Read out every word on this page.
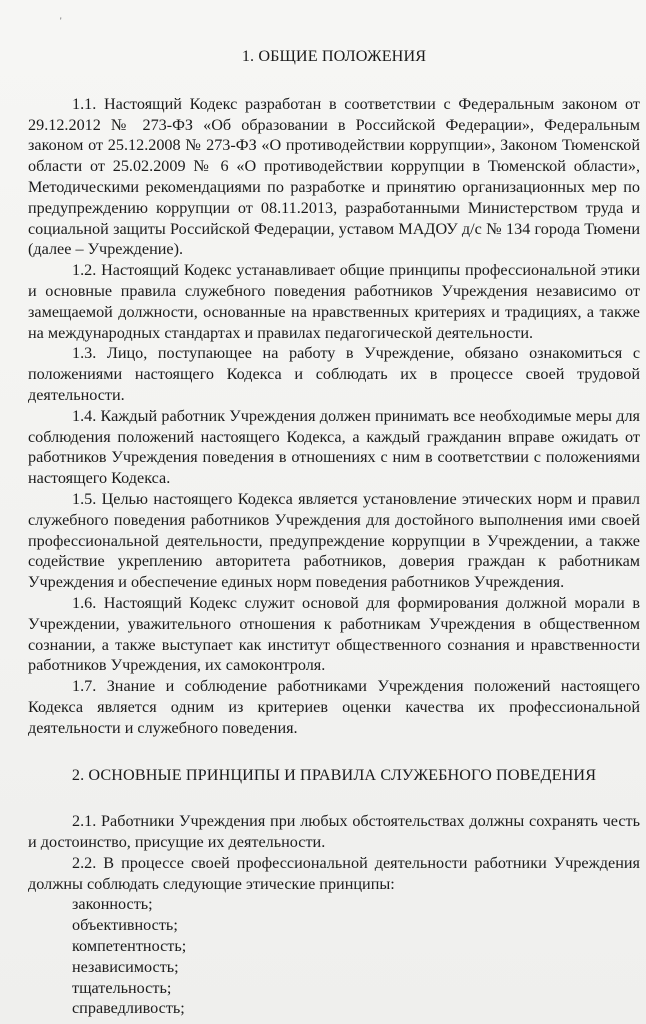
'
1. ОБЩИЕ ПОЛОЖЕНИЯ

1.1. Настоящий Кодекс разработан в соответствии с Федеральным законом от 29.12.2012 № 273-ФЗ «Об образовании в Российской Федерации», Федеральным законом от 25.12.2008 № 273-ФЗ «О противодействии коррупции», Законом Тюменской области от 25.02.2009 № 6 «О противодействии коррупции в Тюменской области», Методическими рекомендациями по разработке и принятию организационных мер по предупреждению коррупции от 08.11.2013, разработанными Министерством труда и социальной защиты Российской Федерации, уставом МАДОУ д/с № 134 города Тюмени (далее – Учреждение).

1.2. Настоящий Кодекс устанавливает общие принципы профессиональной этики и основные правила служебного поведения работников Учреждения независимо от замещаемой должности, основанные на нравственных критериях и традициях, а также на международных стандартах и правилах педагогической деятельности.

1.3. Лицо, поступающее на работу в Учреждение, обязано ознакомиться с положениями настоящего Кодекса и соблюдать их в процессе своей трудовой деятельности.

1.4. Каждый работник Учреждения должен принимать все необходимые меры для соблюдения положений настоящего Кодекса, а каждый гражданин вправе ожидать от работников Учреждения поведения в отношениях с ним в соответствии с положениями настоящего Кодекса.

1.5. Целью настоящего Кодекса является установление этических норм и правил служебного поведения работников Учреждения для достойного выполнения ими своей профессиональной деятельности, предупреждение коррупции в Учреждении, а также содействие укреплению авторитета работников, доверия граждан к работникам Учреждения и обеспечение единых норм поведения работников Учреждения.

1.6. Настоящий Кодекс служит основой для формирования должной морали в Учреждении, уважительного отношения к работникам Учреждения в общественном сознании, а также выступает как институт общественного сознания и нравственности работников Учреждения, их самоконтроля.

1.7. Знание и соблюдение работниками Учреждения положений настоящего Кодекса является одним из критериев оценки качества их профессиональной деятельности и служебного поведения.

2. ОСНОВНЫЕ ПРИНЦИПЫ И ПРАВИЛА СЛУЖЕБНОГО ПОВЕДЕНИЯ

2.1. Работники Учреждения при любых обстоятельствах должны сохранять честь и достоинство, присущие их деятельности.

2.2. В процессе своей профессиональной деятельности работники Учреждения должны соблюдать следующие этические принципы:

законность;
объективность;
компетентность;
независимость;
тщательность;
справедливость;
